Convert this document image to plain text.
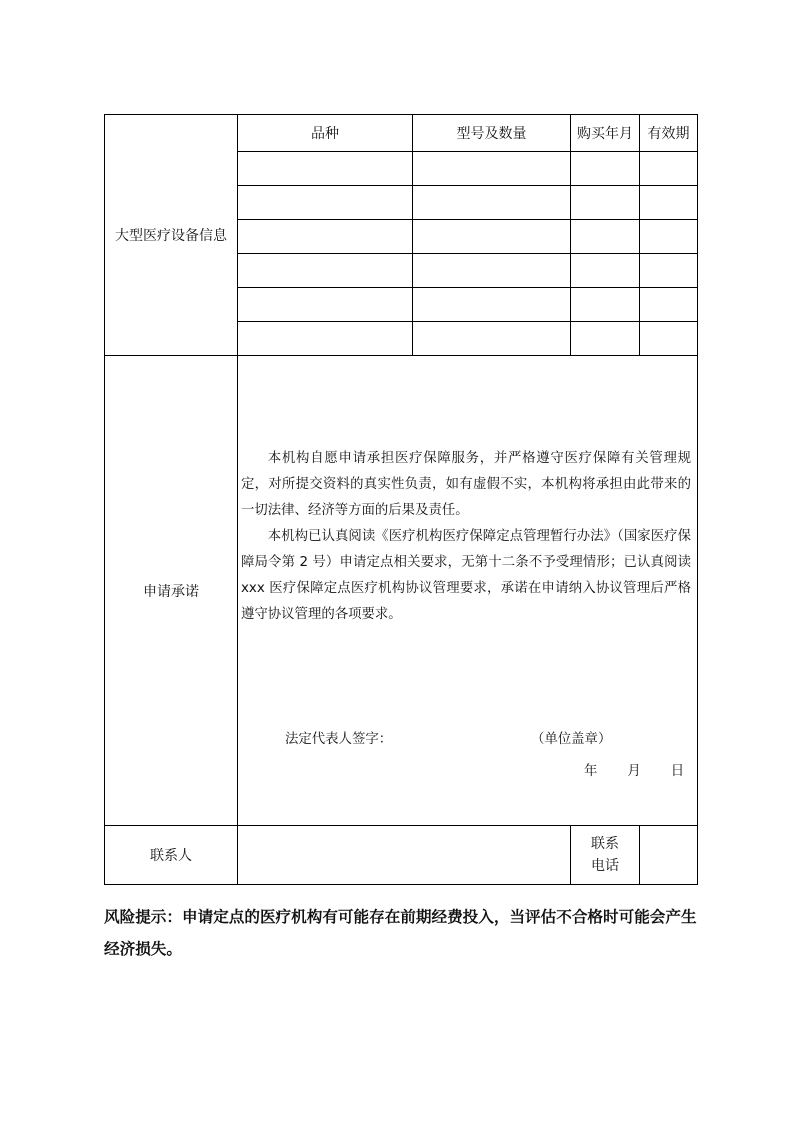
大型医疗设备信息	品种	型号及数量	购买年月	有效期

申请承诺	本机构自愿申请承担医疗保障服务，并严格遵守医疗保障有关管理规定，对所提交资料的真实性负责，如有虚假不实，本机构将承担由此带来的一切法律、经济等方面的后果及责任。

本机构已认真阅读《医疗机构医疗保障定点管理暂行办法》（国家医疗保障局令第 2 号）申请定点相关要求，无第十二条不予受理情形；已认真阅读 xxx 医疗保障定点医疗机构协议管理要求，承诺在申请纳入协议管理后严格遵守协议管理的各项要求。

法定代表人签字： （单位盖章）
年 月 日			

联系人			联系
电话	
风险提示：申请定点的医疗机构有可能存在前期经费投入，当评估不合格时可能会产生经济损失。
